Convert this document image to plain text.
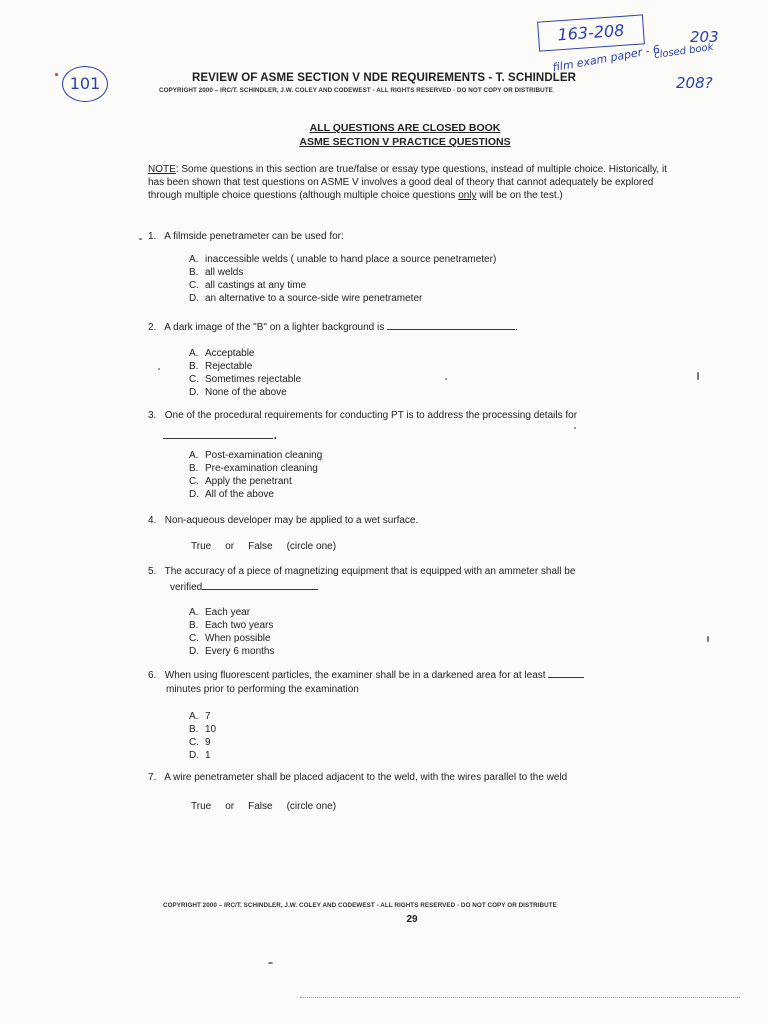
101
163-208
film exam paper - 6
closed book
203
208?
REVIEW OF ASME SECTION V NDE REQUIREMENTS - T. SCHINDLER
COPYRIGHT 2000 – IRC/T. SCHINDLER, J.W. COLEY AND CODEWEST - ALL RIGHTS RESERVED - DO NOT COPY OR DISTRIBUTE
ALL QUESTIONS ARE CLOSED BOOK
ASME SECTION V PRACTICE QUESTIONS
NOTE: Some questions in this section are true/false or essay type questions, instead of multiple choice. Historically, it has been shown that test questions on ASME V involves a good deal of theory that cannot adequately be explored through multiple choice questions (although multiple choice questions only will be on the test.)
1. A filmside penetrameter can be used for:
A. inaccessible welds ( unable to hand place a source penetrameter)
B. all welds
C. all castings at any time
D. an alternative to a source-side wire penetrameter
2. A dark image of the "B" on a lighter background is	.
A. Acceptable
B. Rejectable
C. Sometimes rejectable
D. None of the above
3. One of the procedural requirements for conducting PT is to address the processing details for
.
A. Post-examination cleaning
B. Pre-examination cleaning
C. Apply the penetrant
D. All of the above
4. Non-aqueous developer may be applied to a wet surface.
True or False (circle one)
5. The accuracy of a piece of magnetizing equipment that is equipped with an ammeter shall be
verified
A. Each year
B. Each two years
C. When possible
D. Every 6 months
6. When using fluorescent particles, the examiner shall be in a darkened area for at least
minutes prior to performing the examination
A. 7
B. 10
C. 9
D. 1
7. A wire penetrameter shall be placed adjacent to the weld, with the wires parallel to the weld
True or False (circle one)
COPYRIGHT 2000 – IRC/T. SCHINDLER, J.W. COLEY AND CODEWEST - ALL RIGHTS RESERVED - DO NOT COPY OR DISTRIBUTE
29
